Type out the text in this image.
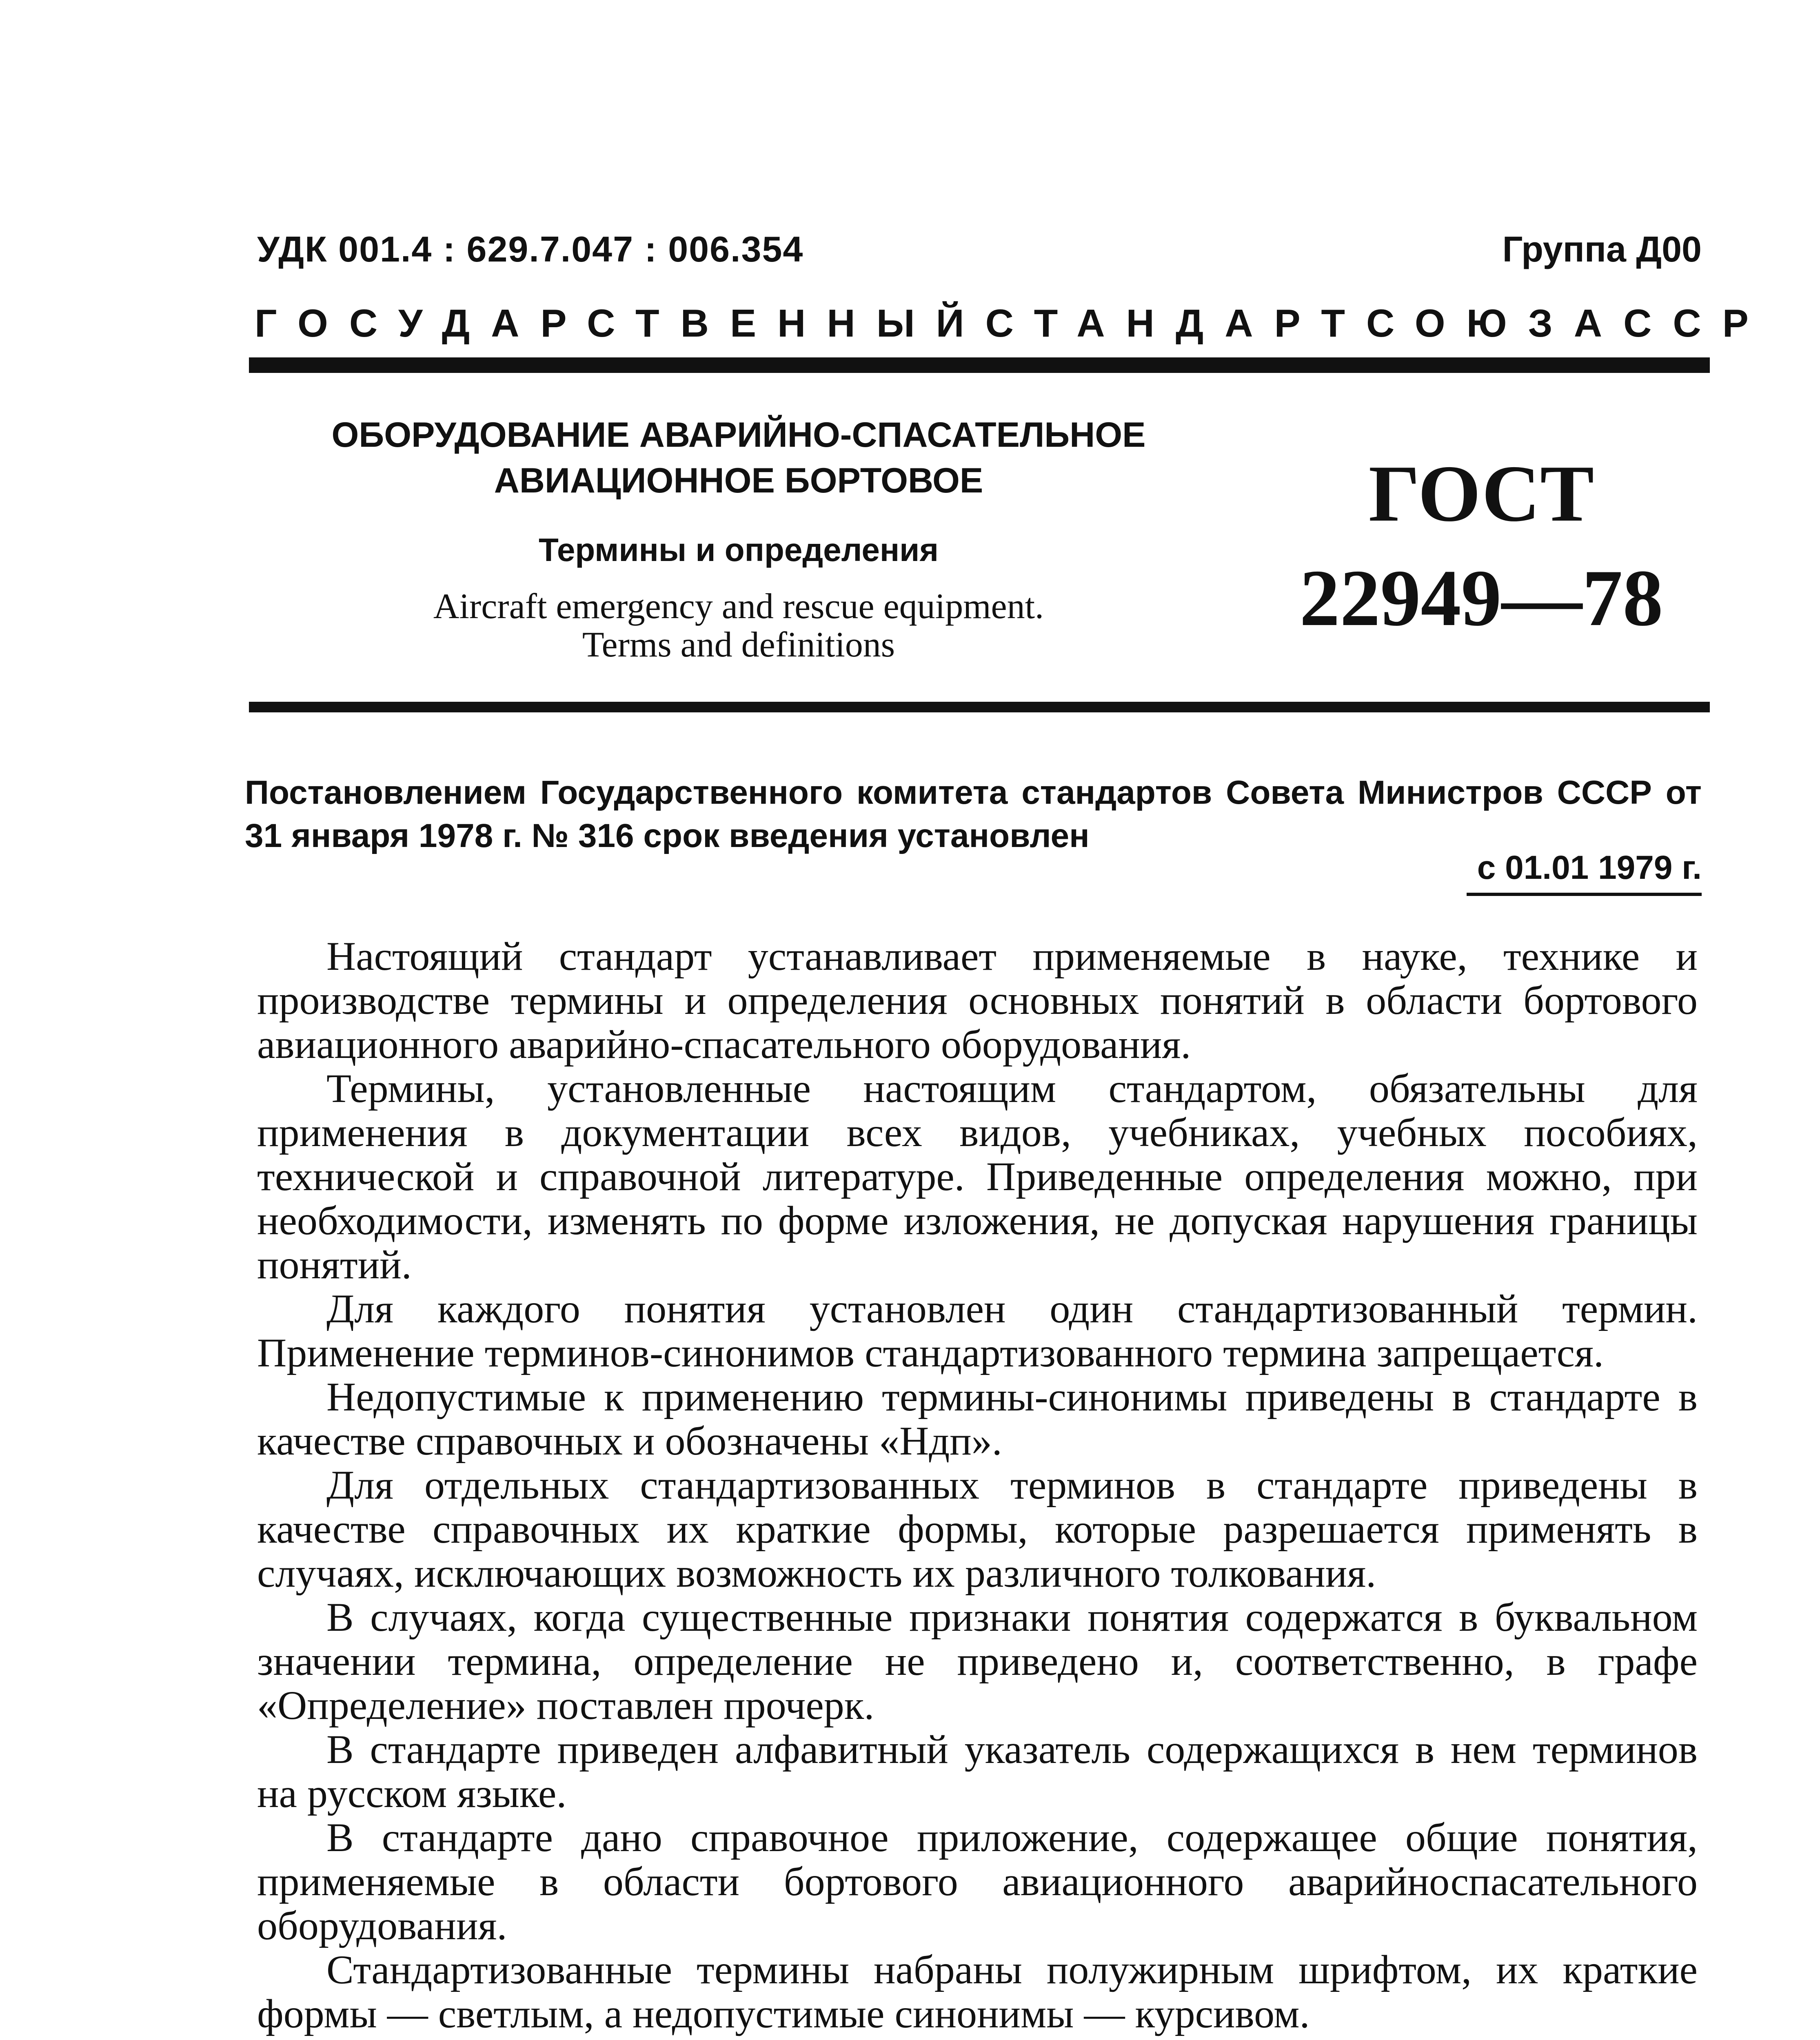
УДК 001.4 : 629.7.047 : 006.354	Группа Д00
ГОСУДАРСТВЕННЫЙ СТАНДАРТ СОЮЗА ССР
ОБОРУДОВАНИЕ АВАРИЙНО-СПАСАТЕЛЬНОЕ
АВИАЦИОННОЕ БОРТОВОЕ
Термины и определения
Aircraft emergency and rescue equipment.
Terms and definitions
ГОСТ
22949—78
Постановлением Государственного комитета стандартов Совета Министров СССР от 31 января 1978 г. № 316 срок введения установлен
с 01.01 1979 г.

Настоящий стандарт устанавливает применяемые в науке, технике и производстве термины и определения основных понятий в области бортового авиационного аварийно-спасательного оборудования.

Термины, установленные настоящим стандартом, обязательны для применения в документации всех видов, учебниках, учебных пособиях, технической и справочной литературе. Приведенные определения можно, при необходимости, изменять по форме изложения, не допуская нарушения границы понятий.

Для каждого понятия установлен один стандартизованный термин. Применение терминов-синонимов стандартизованного термина запрещается.

Недопустимые к применению термины-синонимы приведены в стандарте в качестве справочных и обозначены «Ндп».

Для отдельных стандартизованных терминов в стандарте приведены в качестве справочных их краткие формы, которые разрешается применять в случаях, исключающих возможность их различного толкования.

В случаях, когда существенные признаки понятия содержатся в буквальном значении термина, определение не приведено и, соответственно, в графе «Определение» поставлен прочерк.

В стандарте приведен алфавитный указатель содержащихся в нем терминов на русском языке.

В стандарте дано справочное приложение, содержащее общие понятия, применяемые в области бортового авиационного аварийноспасательного оборудования.

Стандартизованные термины набраны полужирным шрифтом, их краткие формы — светлым, а недопустимые синонимы — курсивом.
